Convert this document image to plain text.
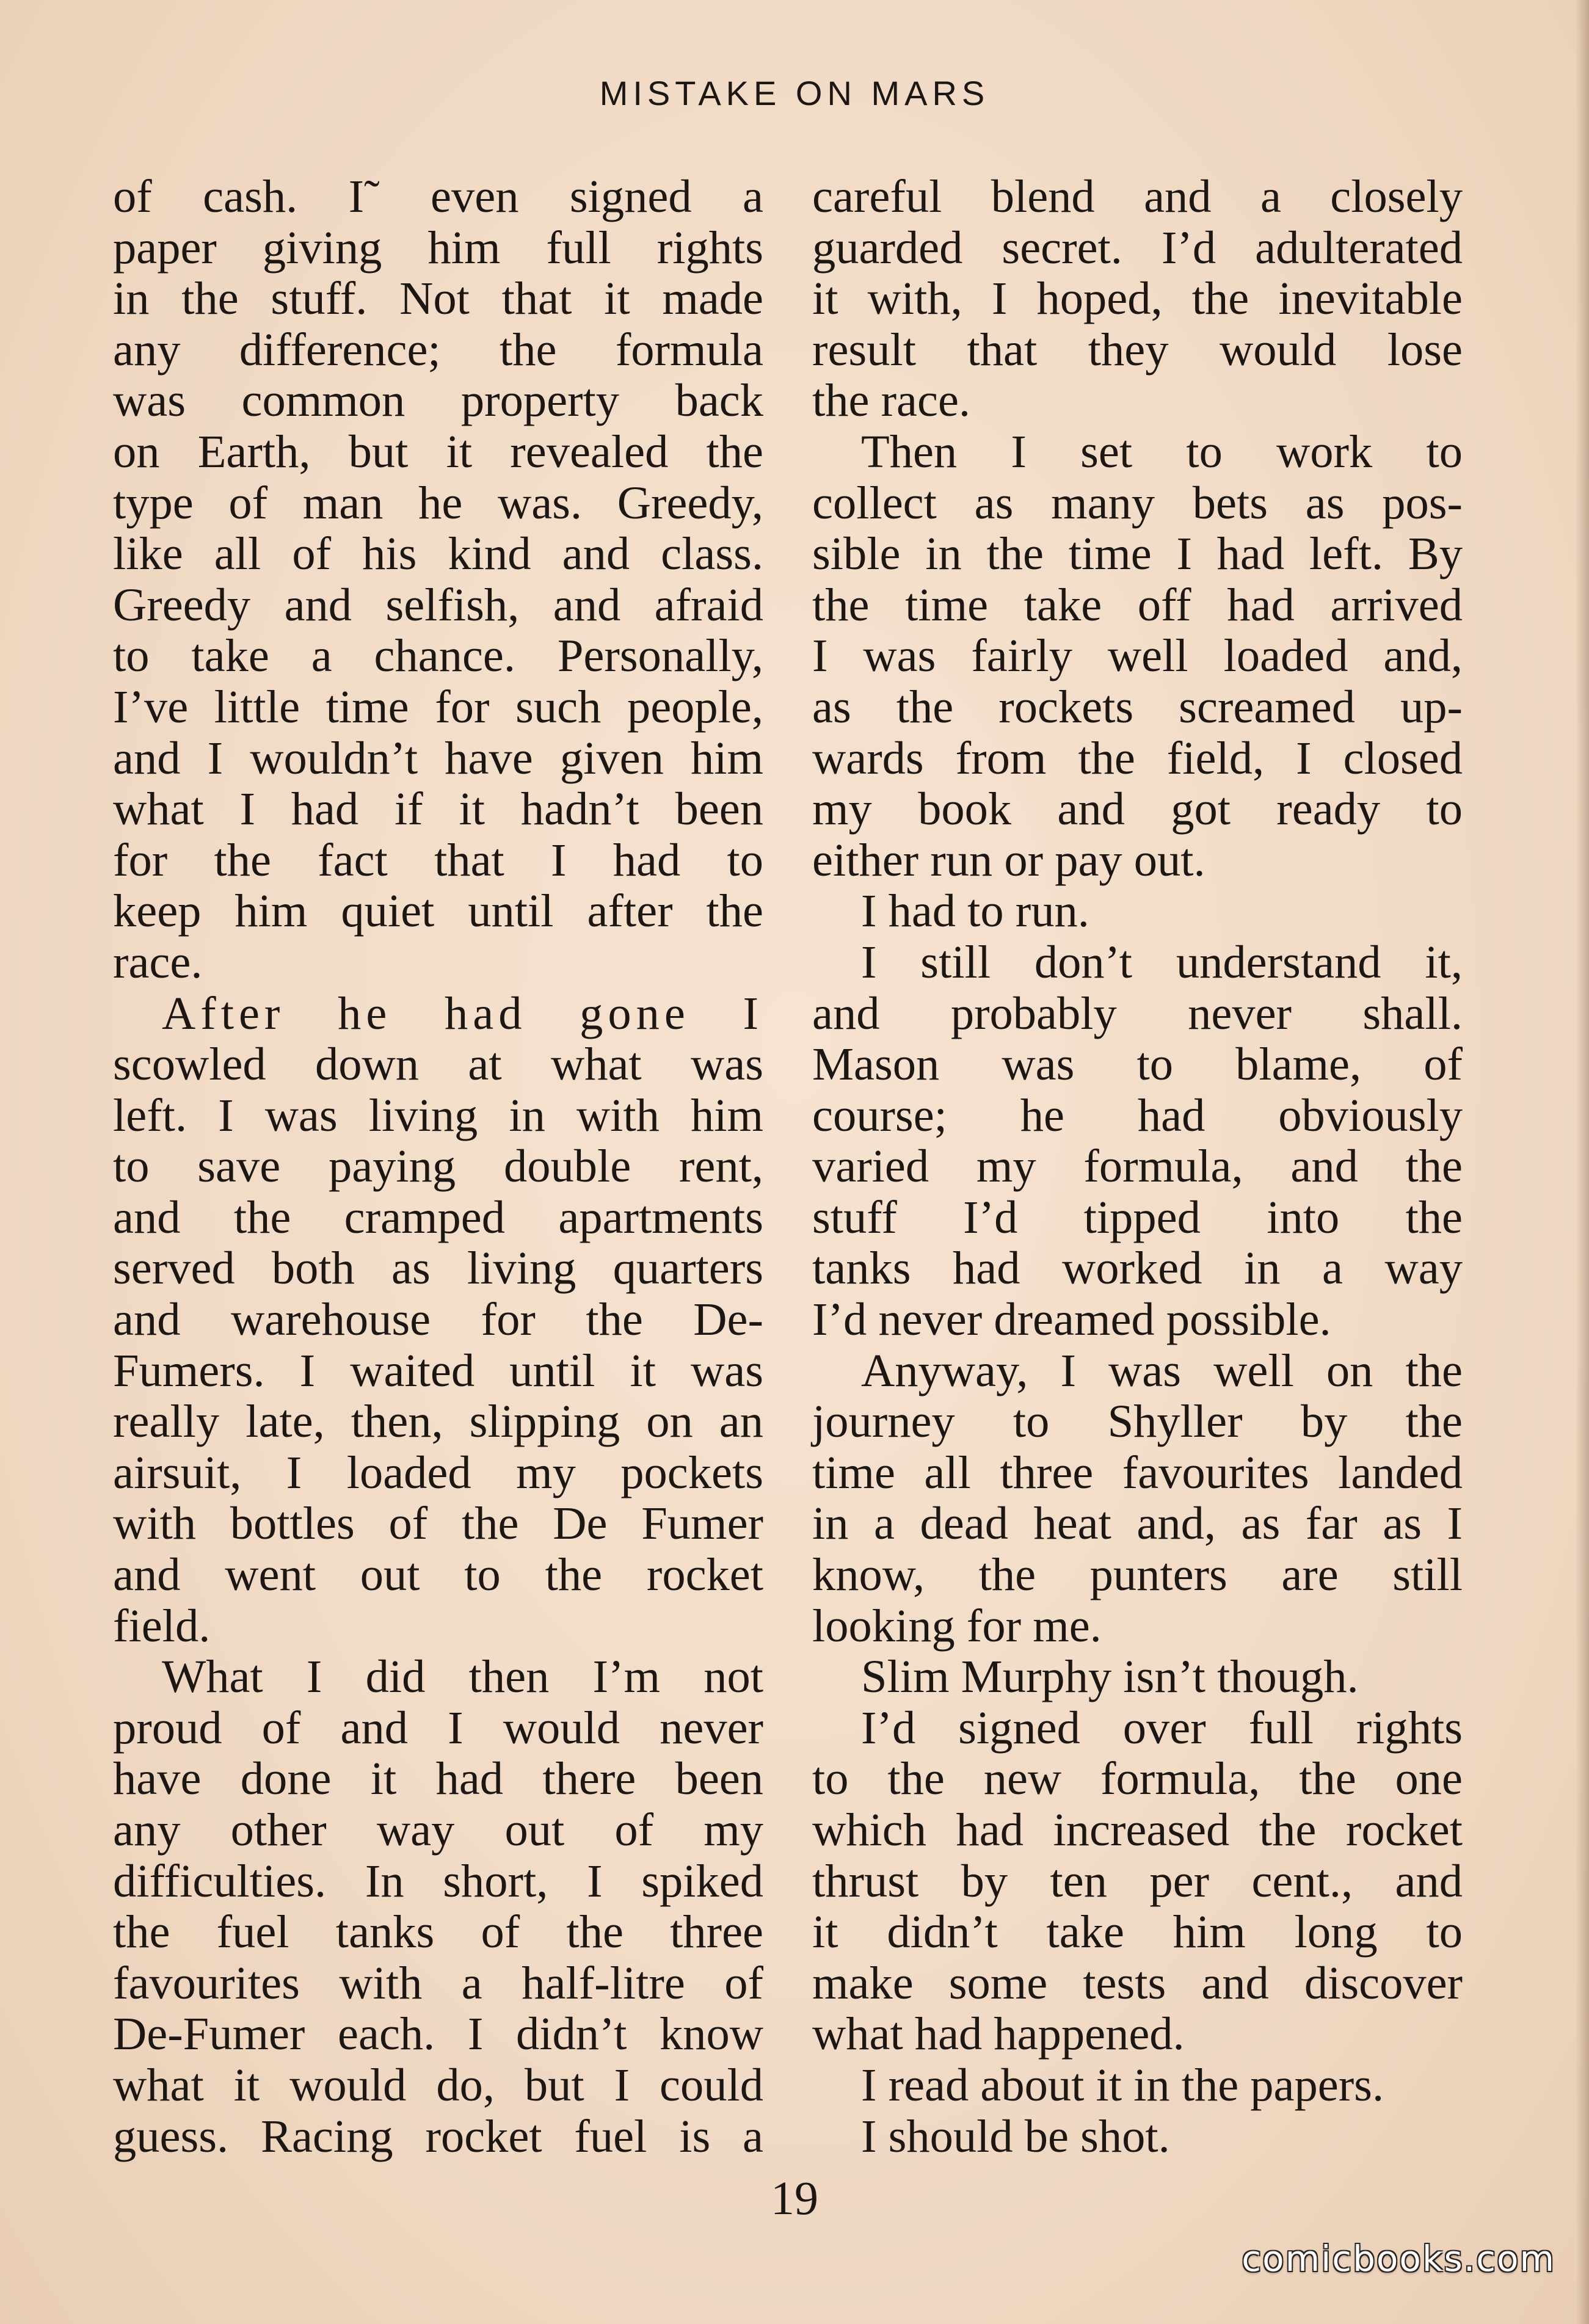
MISTAKE ON MARS
of cash. I˜ even signed a
paper giving him full rights
in the stuff. Not that it made
any difference; the formula
was common property back
on Earth, but it revealed the
type of man he was. Greedy,
like all of his kind and class.
Greedy and selfish, and afraid
to take a chance. Personally,
I’ve little time for such people,
and I wouldn’t have given him
what I had if it hadn’t been
for the fact that I had to
keep him quiet until after the
race.
After he had gone I
scowled down at what was
left. I was living in with him
to save paying double rent,
and the cramped apartments
served both as living quarters
and warehouse for the De-
Fumers. I waited until it was
really late, then, slipping on an
airsuit, I loaded my pockets
with bottles of the De Fumer
and went out to the rocket
field.
What I did then I’m not
proud of and I would never
have done it had there been
any other way out of my
difficulties. In short, I spiked
the fuel tanks of the three
favourites with a half-litre of
De-Fumer each. I didn’t know
what it would do, but I could
guess. Racing rocket fuel is a
careful blend and a closely
guarded secret. I’d adulterated
it with, I hoped, the inevitable
result that they would lose
the race.
Then I set to work to
collect as many bets as pos-
sible in the time I had left. By
the time take off had arrived
I was fairly well loaded and,
as the rockets screamed up-
wards from the field, I closed
my book and got ready to
either run or pay out.
I had to run.
I still don’t understand it,
and probably never shall.
Mason was to blame, of
course; he had obviously
varied my formula, and the
stuff I’d tipped into the
tanks had worked in a way
I’d never dreamed possible.
Anyway, I was well on the
journey to Shyller by the
time all three favourites landed
in a dead heat and, as far as I
know, the punters are still
looking for me.
Slim Murphy isn’t though.
I’d signed over full rights
to the new formula, the one
which had increased the rocket
thrust by ten per cent., and
it didn’t take him long to
make some tests and discover
what had happened.
I read about it in the papers.
I should be shot.
19
comicbooks.com
